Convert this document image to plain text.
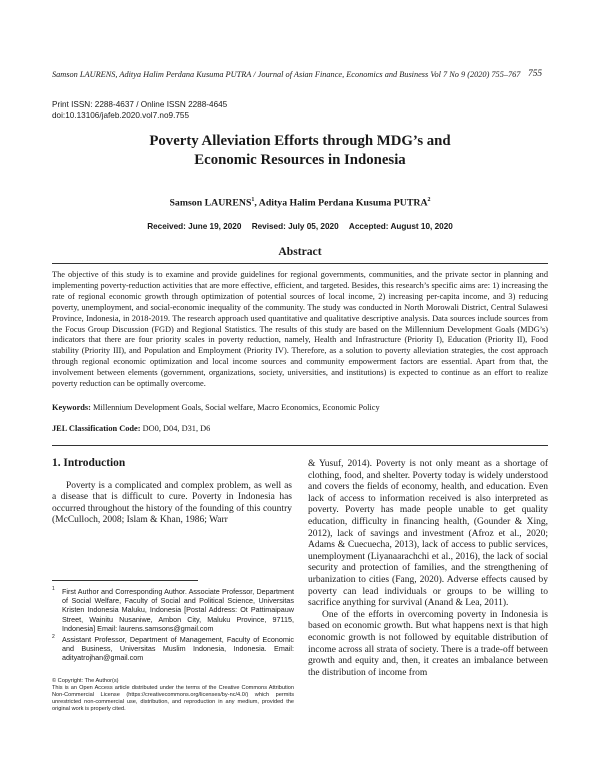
Samson LAURENS, Aditya Halim Perdana Kusuma PUTRA / Journal of Asian Finance, Economics and Business Vol 7 No 9 (2020) 755–767 755
Print ISSN: 2288-4637 / Online ISSN 2288-4645
doi:10.13106/jafeb.2020.vol7.no9.755
Poverty Alleviation Efforts through MDG’s and
Economic Resources in Indonesia
Samson LAURENS$^1$, Aditya Halim Perdana Kusuma PUTRA$^2$
Received: June 19, 2020 Revised: July 05, 2020 Accepted: August 10, 2020
Abstract
The objective of this study is to examine and provide guidelines for regional governments, communities, and the private sector in planning and implementing poverty-reduction activities that are more effective, efficient, and targeted. Besides, this research’s specific aims are: 1) increasing the rate of regional economic growth through optimization of potential sources of local income, 2) increasing per-capita income, and 3) reducing poverty, unemployment, and social-economic inequality of the community. The study was conducted in North Morowali District, Central Sulawesi Province, Indonesia, in 2018-2019. The research approach used quantitative and qualitative descriptive analysis. Data sources include sources from the Focus Group Discussion (FGD) and Regional Statistics. The results of this study are based on the Millennium Development Goals (MDG’s) indicators that there are four priority scales in poverty reduction, namely, Health and Infrastructure (Priority I), Education (Priority II), Food stability (Priority III), and Population and Employment (Priority IV). Therefore, as a solution to poverty alleviation strategies, the cost approach through regional economic optimization and local income sources and community empowerment factors are essential. Apart from that, the involvement between elements (government, organizations, society, universities, and institutions) is expected to continue as an effort to realize poverty reduction can be optimally overcome.
Keywords: Millennium Development Goals, Social welfare, Macro Economics, Economic Policy
JEL Classification Code: DO0, D04, D31, D6
1. Introduction
Poverty is a complicated and complex problem, as well as a disease that is difficult to cure. Poverty in Indonesia has occurred throughout the history of the founding of this country (McCulloch, 2008; Islam & Khan, 1986; Warr

& Yusuf, 2014). Poverty is not only meant as a shortage of clothing, food, and shelter. Poverty today is widely understood and covers the fields of economy, health, and education. Even lack of access to information received is also interpreted as poverty. Poverty has made people unable to get quality education, difficulty in financing health, (Gounder & Xing, 2012), lack of savings and investment (Afroz et al., 2020; Adams & Cuecuecha, 2013), lack of access to public services, unemployment (Liyanaarachchi et al., 2016), the lack of social security and protection of families, and the strengthening of urbanization to cities (Fang, 2020). Adverse effects caused by poverty can lead individuals or groups to be willing to sacrifice anything for survival (Anand & Lea, 2011).

One of the efforts in overcoming poverty in Indonesia is based on economic growth. But what happens next is that high economic growth is not followed by equitable distribution of income across all strata of society. There is a trade-off between growth and equity and, then, it creates an imbalance between the distribution of income from

1 First Author and Corresponding Author. Associate Professor, Department of Social Welfare, Faculty of Social and Political Science, Universitas Kristen Indonesia Maluku, Indonesia [Postal Address: Ot Pattimaipauw Street, Wainitu Nusaniwe, Ambon City, Maluku Province, 97115, Indonesia] Email: laurens.samsons@gmail.com
2 Assistant Professor, Department of Management, Faculty of Economic and Business, Universitas Muslim Indonesia, Indonesia. Email: adityatrojhan@gmail.com
© Copyright: The Author(s)
This is an Open Access article distributed under the terms of the Creative Commons Attribution Non-Commercial License (https://creativecommons.org/licenses/by-nc/4.0/) which permits unrestricted non-commercial use, distribution, and reproduction in any medium, provided the original work is properly cited.
